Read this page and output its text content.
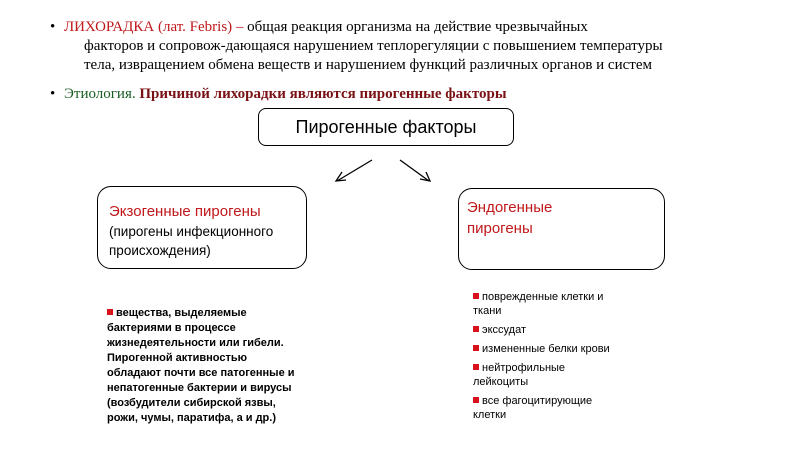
• ЛИХОРАДКА (лат. Febris) – общая реакция организма на действие чрезвычайных
факторов и сопровож-дающаяся нарушением теплорегуляции с повышением температуры
тела, извращением обмена веществ и нарушением функций различных органов и систем
• Этиология. Причиной лихорадки являются пирогенные факторы
Пирогенные факторы
Экзогенные пирогены
(пирогены инфекционного
происхождения)
Эндогенные
пирогены
вещества, выделяемые
бактериями в процессе
жизнедеятельности или гибели.
Пирогенной активностью
обладают почти все патогенные и
непатогенные бактерии и вирусы
(возбудители сибирской язвы,
рожи, чумы, паратифа, а и др.)
поврежденные клетки и
ткани
экссудат
измененные белки крови
нейтрофильные
лейкоциты
все фагоцитирующие
клетки
